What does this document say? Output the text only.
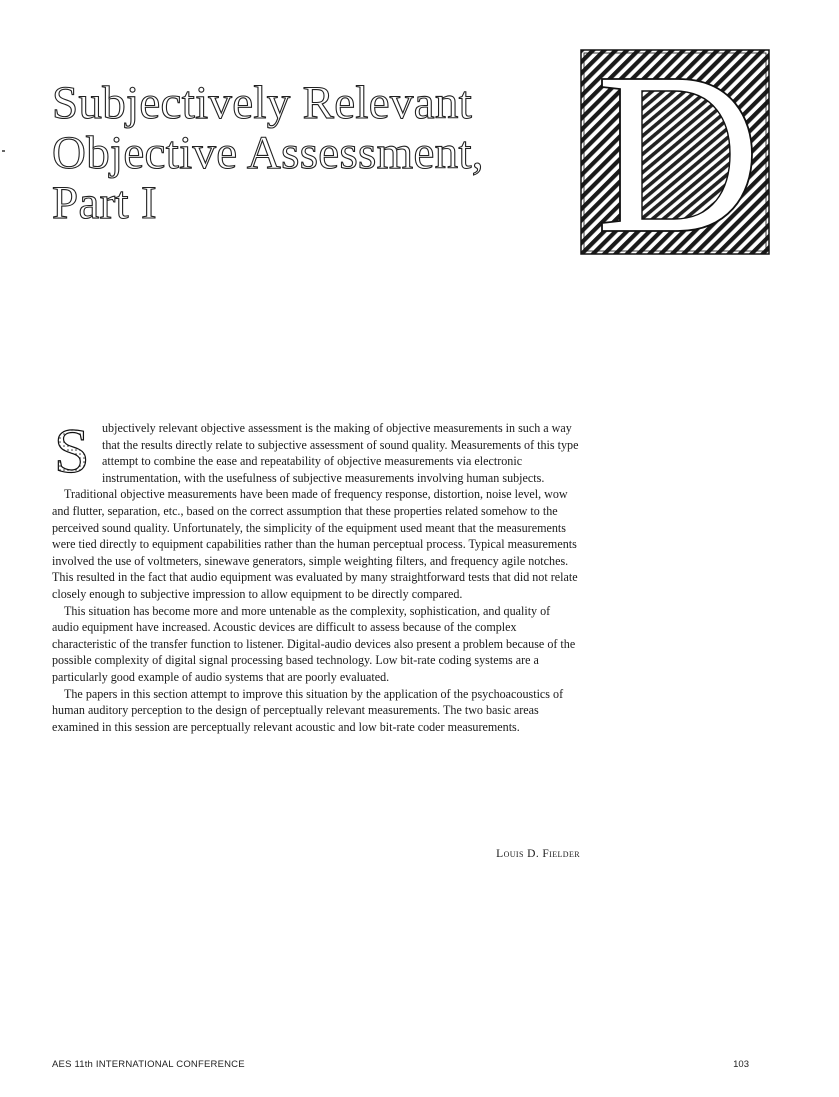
Subjectively Relevant
Objective Assessment,
Part I

S ubjectively relevant objective assessment is the making of objective measurements in such a way that the results directly relate to subjective assessment of sound quality. Measurements of this type attempt to combine the ease and repeatability of objective measurements via electronic instrumentation, with the usefulness of subjective measurements involving human subjects.

Traditional objective measurements have been made of frequency response, distortion, noise level, wow and flutter, separation, etc., based on the correct assumption that these properties related somehow to the perceived sound quality. Unfortunately, the simplicity of the equipment used meant that the measurements were tied directly to equipment capabilities rather than the human perceptual process. Typical measurements involved the use of voltmeters, sinewave generators, simple weighting filters, and frequency agile notches. This resulted in the fact that audio equipment was evaluated by many straightforward tests that did not relate closely enough to subjective impression to allow equipment to be directly compared.

This situation has become more and more untenable as the complexity, sophistication, and quality of audio equipment have increased. Acoustic devices are difficult to assess because of the complex characteristic of the transfer function to listener. Digital-audio devices also present a problem because of the possible complexity of digital signal processing based technology. Low bit-rate coding systems are a particularly good example of audio systems that are poorly evaluated.

The papers in this section attempt to improve this situation by the application of the psychoacoustics of human auditory perception to the design of perceptually relevant measurements. The two basic areas examined in this session are perceptually relevant acoustic and low bit-rate coder measurements.

Louis D. Fielder
AES 11th INTERNATIONAL CONFERENCE	103
